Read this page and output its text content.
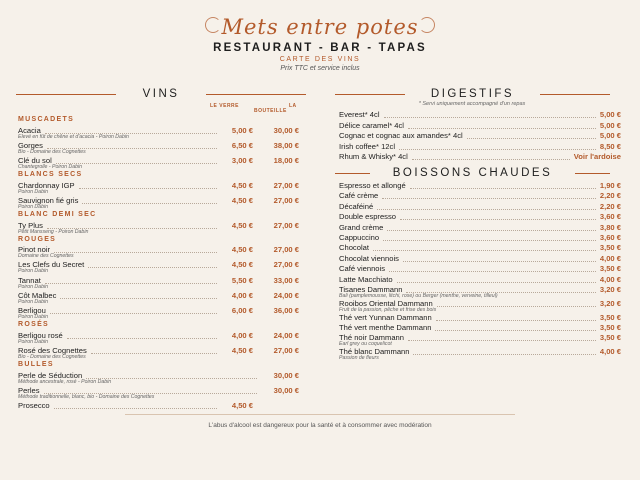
Mets entre potes
RESTAURANT - BAR - TAPAS
CARTE DES VINS
Prix TTC et service inclus
VINS
LE VERRE	LA
BOUTEILLE
MUSCADETS
Acacia
Elevé en fût de chêne et d'acacia - Poiron Dabin
5,00 €	30,00 €
Gorges
Bio - Domaine des Cognettes
6,50 €	38,00 €
Clé du sol
Chantegrolle - Poiron Dabin
3,00 €	18,00 €
BLANCS SECS
Chardonnay IGP
Poiron Dabin
4,50 €	27,00 €
Sauvignon fié gris
Poiron Dabin
4,50 €	27,00 €
BLANC DEMI SEC
Ty Plus
Petit Mansseng - Poiron Dabin
4,50 €	27,00 €
ROUGES
Pinot noir
Domaine des Cognettes
4,50 €	27,00 €
Les Clefs du Secret
Poiron Dabin
4,50 €	27,00 €
Tannat
Poiron Dabin
5,50 €	33,00 €
Côt Malbec
Poiron Dabin
4,00 €	24,00 €
Berligou
Poiron Dabin
6,00 €	36,00 €
ROSÉS
Berligou rosé
Poiron Dabin
4,00 €	24,00 €
Rosé des Cognettes
Bio - Domaine des Cognettes
4,50 €	27,00 €
BULLES
Perle de Séduction
Méthode ancestrale, rosé - Poiron Dabin
30,00 €
Perles
Méthode traditionnelle, blanc, bio - Domaine des Cognettes
30,00 €
Prosecco	4,50 €
DIGESTIFS
* Servi uniquement accompagné d'un repas
Everest* 4cl	5,00 €
Délice caramel* 4cl	5,00 €
Cognac et cognac aux amandes* 4cl	5,00 €
Irish coffee* 12cl	8,50 €
Rhum & Whisky* 4cl	Voir l'ardoise
BOISSONS CHAUDES
Espresso et allongé	1,90 €
Café crème	2,20 €
Décaféiné	2,20 €
Double espresso	3,60 €
Grand crème	3,80 €
Cappuccino	3,60 €
Chocolat	3,50 €
Chocolat viennois	4,00 €
Café viennois	3,50 €
Latte Macchiato	4,00 €
Tisanes Dammann
Bali (pamplemousse, litchi, rose) ou Berger (menthe, verveine, tilleul)
3,20 €
Rooibos Oriental Dammann
Fruit de la passion, pêche et frise des bois
3,20 €
Thé vert Yunnan Dammann	3,50 €
Thé vert menthe Dammann	3,50 €
Thé noir Dammann
Earl grey ou coquelicot
3,50 €
Thé blanc Dammann
Passion de fleurs
4,00 €
L'abus d'alcool est dangereux pour la santé et à consommer avec modération
